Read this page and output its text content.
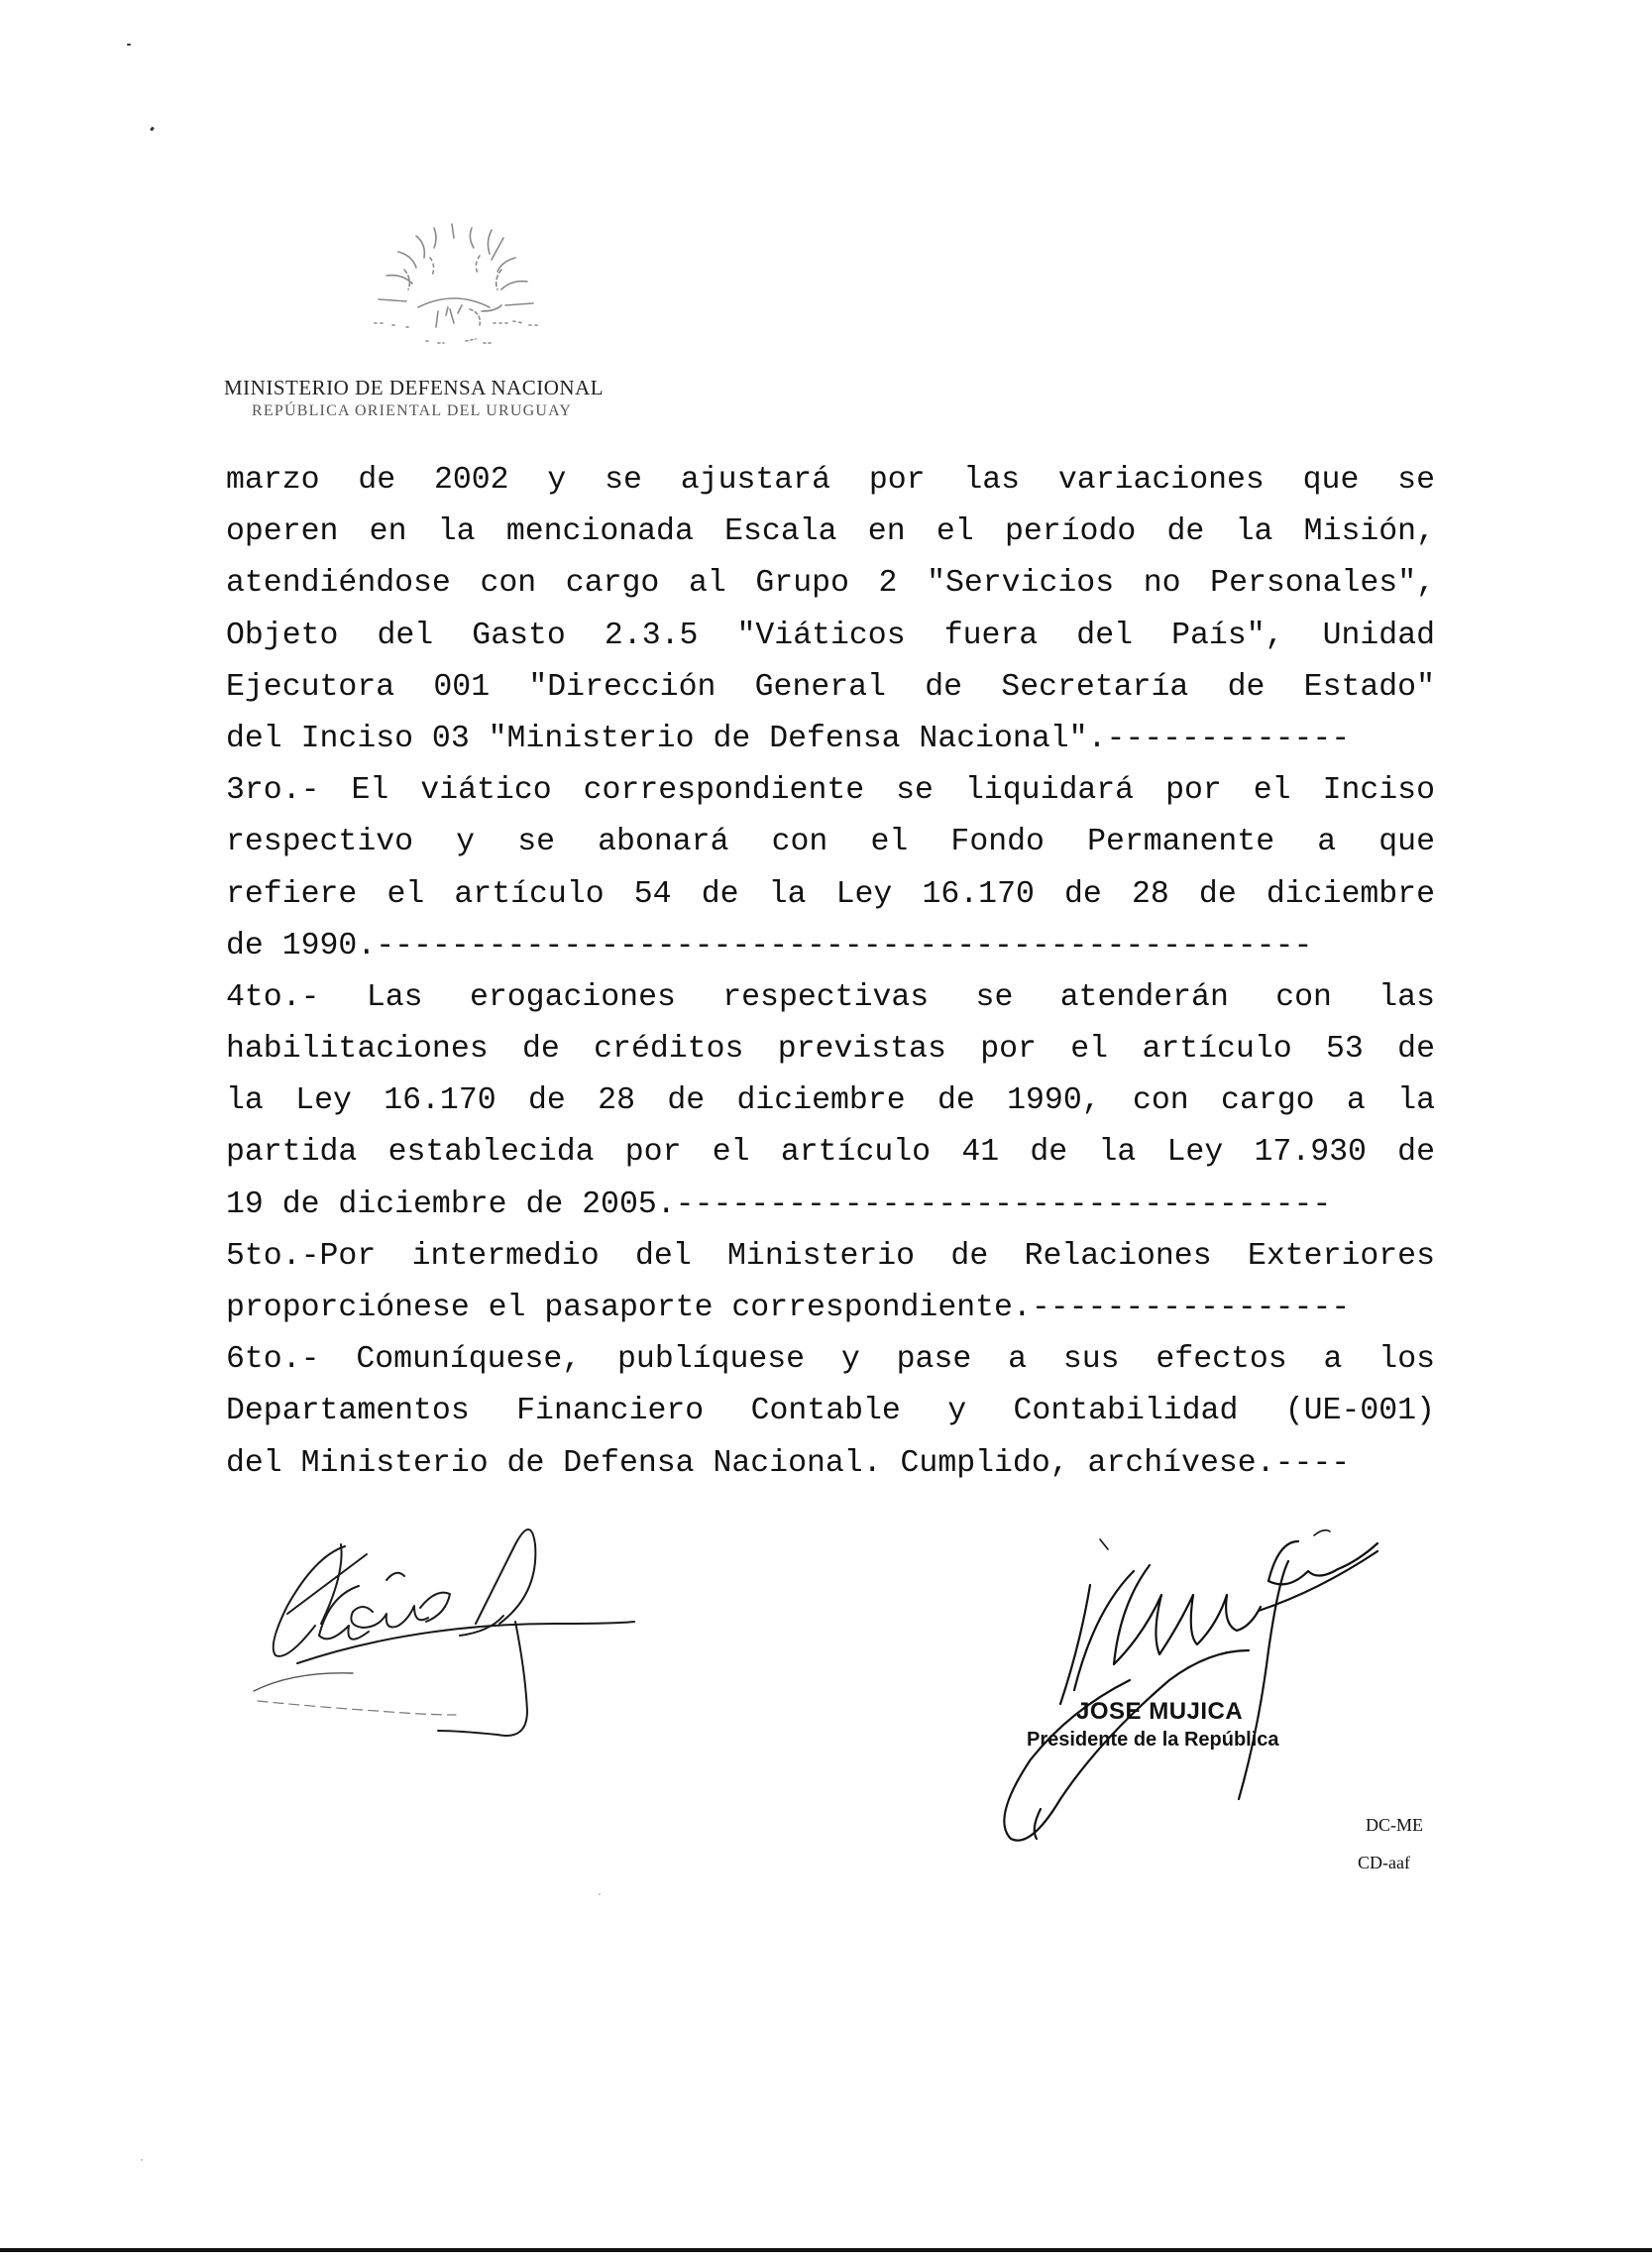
MINISTERIO DE DEFENSA NACIONAL
REPÚBLICA ORIENTAL DEL URUGUAY
marzo de 2002 y se ajustará por las variaciones que se
operen en la mencionada Escala en el período de la Misión,
atendiéndose con cargo al Grupo 2 "Servicios no Personales",
Objeto del Gasto 2.3.5 "Viáticos fuera del País", Unidad
Ejecutora 001 "Dirección General de Secretaría de Estado"
del Inciso 03 "Ministerio de Defensa Nacional".-------------
3ro.- El viático correspondiente se liquidará por el Inciso
respectivo y se abonará con el Fondo Permanente a que
refiere el artículo 54 de la Ley 16.170 de 28 de diciembre
de 1990.--------------------------------------------------
4to.- Las erogaciones respectivas se atenderán con las
habilitaciones de créditos previstas por el artículo 53 de
la Ley 16.170 de 28 de diciembre de 1990, con cargo a la
partida establecida por el artículo 41 de la Ley 17.930 de
19 de diciembre de 2005.-----------------------------------
5to.-Por intermedio del Ministerio de Relaciones Exteriores
proporciónese el pasaporte correspondiente.-----------------
6to.- Comuníquese, publíquese y pase a sus efectos a los
Departamentos Financiero Contable y Contabilidad (UE-001)
del Ministerio de Defensa Nacional. Cumplido, archívese.----
JOSE MUJICA
Presidente de la República
DC-ME
CD-aaf
